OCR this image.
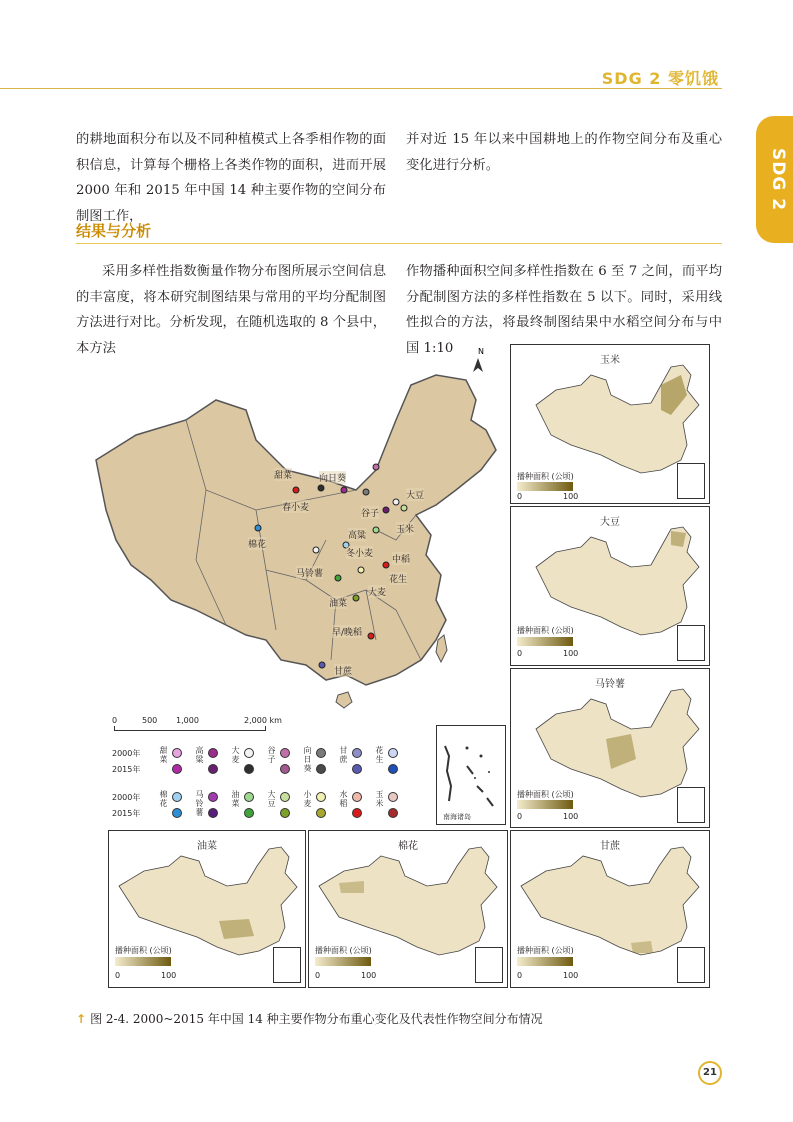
SDG 2 零饥饿
SDG 2
的耕地面积分布以及不同种植模式上各季相作物的面积信息，计算每个栅格上各类作物的面积，进而开展 2000 年和 2015 年中国 14 种主要作物的空间分布制图工作，
并对近 15 年以来中国耕地上的作物空间分布及重心变化进行分析。
结果与分析
采用多样性指数衡量作物分布图所展示空间信息的丰富度，将本研究制图结果与常用的平均分配制图方法进行对比。分析发现，在随机选取的 8 个县中，本方法
作物播种面积空间多样性指数在 6 至 7 之间，而平均分配制图方法的多样性指数在 5 以下。同时，采用线性拟合的方法，将最终制图结果中水稻空间分布与中国 1:10	N
甜菜	向日葵
春小麦
大豆
谷子
玉米
棉花
高粱
冬小麦
中稻
马铃薯
花生
油菜
大麦
早/晚稻
甘蔗
0	500 1,000	2,000 km
2000年
2015年
2000年
2015年
甜菜
高粱
大麦
谷子
向日葵
甘蔗
花生
棉花
马铃薯
油菜
大豆
小麦
水稻
玉米
南海诸岛
玉米
播种面积 (公顷)
0	100
大豆
播种面积 (公顷)
0	100
马铃薯
播种面积 (公顷)
0	100
油菜
播种面积 (公顷)
0	100
棉花
播种面积 (公顷)
0	100
甘蔗
播种面积 (公顷)
0	100
↑ 图 2-4. 2000~2015 年中国 14 种主要作物分布重心变化及代表性作物空间分布情况
21
